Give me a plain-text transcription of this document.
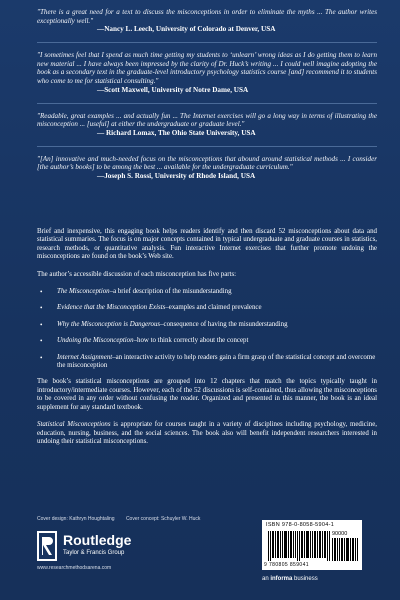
"There is a great need for a text to discuss the misconceptions in order to eliminate the myths ... The author writes exceptionally well."
—Nancy L. Leech, University of Colorado at Denver, USA
"I sometimes feel that I spend as much time getting my students to ‘unlearn’ wrong ideas as I do getting them to learn new material ... I have always been impressed by the clarity of Dr. Huck’s writing ... I could well imagine adopting the book as a secondary text in the graduate-level introductory psychology statistics course [and] recommend it to students who come to me for statistical consulting."
—Scott Maxwell, University of Notre Dame, USA
"Readable, great examples ... and actually fun ... The Internet exercises will go a long way in terms of illustrating the misconception ... [useful] at either the undergraduate or graduate level."
— Richard Lomax, The Ohio State University, USA
"[An] innovative and much-needed focus on the misconceptions that abound around statistical methods ... I consider [the author’s books] to be among the best ... available for the undergraduate curriculum."
—Joseph S. Rossi, University of Rhode Island, USA

Brief and inexpensive, this engaging book helps readers identify and then discard 52 misconceptions about data and statistical summaries. The focus is on major concepts contained in typical undergraduate and graduate courses in statistics, research methods, or quantitative analysis. Fun interactive Internet exercises that further promote undoing the misconceptions are found on the book’s Web site.

The author’s accessible discussion of each misconception has five parts:

• The Misconception–a brief description of the misunderstanding
• Evidence that the Misconception Exists–examples and claimed prevalence
• Why the Misconception is Dangerous–consequence of having the misunderstanding
• Undoing the Misconception–how to think correctly about the concept
• Internet Assignment–an interactive activity to help readers gain a firm grasp of the statistical concept and overcome the misconception

The book’s statistical misconceptions are grouped into 12 chapters that match the topics typically taught in introductory/intermediate courses. However, each of the 52 discussions is self-contained, thus allowing the misconceptions to be covered in any order without confusing the reader. Organized and presented in this manner, the book is an ideal supplement for any standard textbook.

Statistical Misconceptions is appropriate for courses taught in a variety of disciplines including psychology, medicine, education, nursing, business, and the social sciences. The book also will benefit independent researchers interested in undoing their statistical misconceptions.

Cover design: Kathryn Houghtaling Cover concept: Schuyler W. Huck
Routledge
Taylor & Francis Group
www.researchmethodsarena.com
ISBN 978-0-8058-5904-1
90000
9 780805 859041
an informa business
